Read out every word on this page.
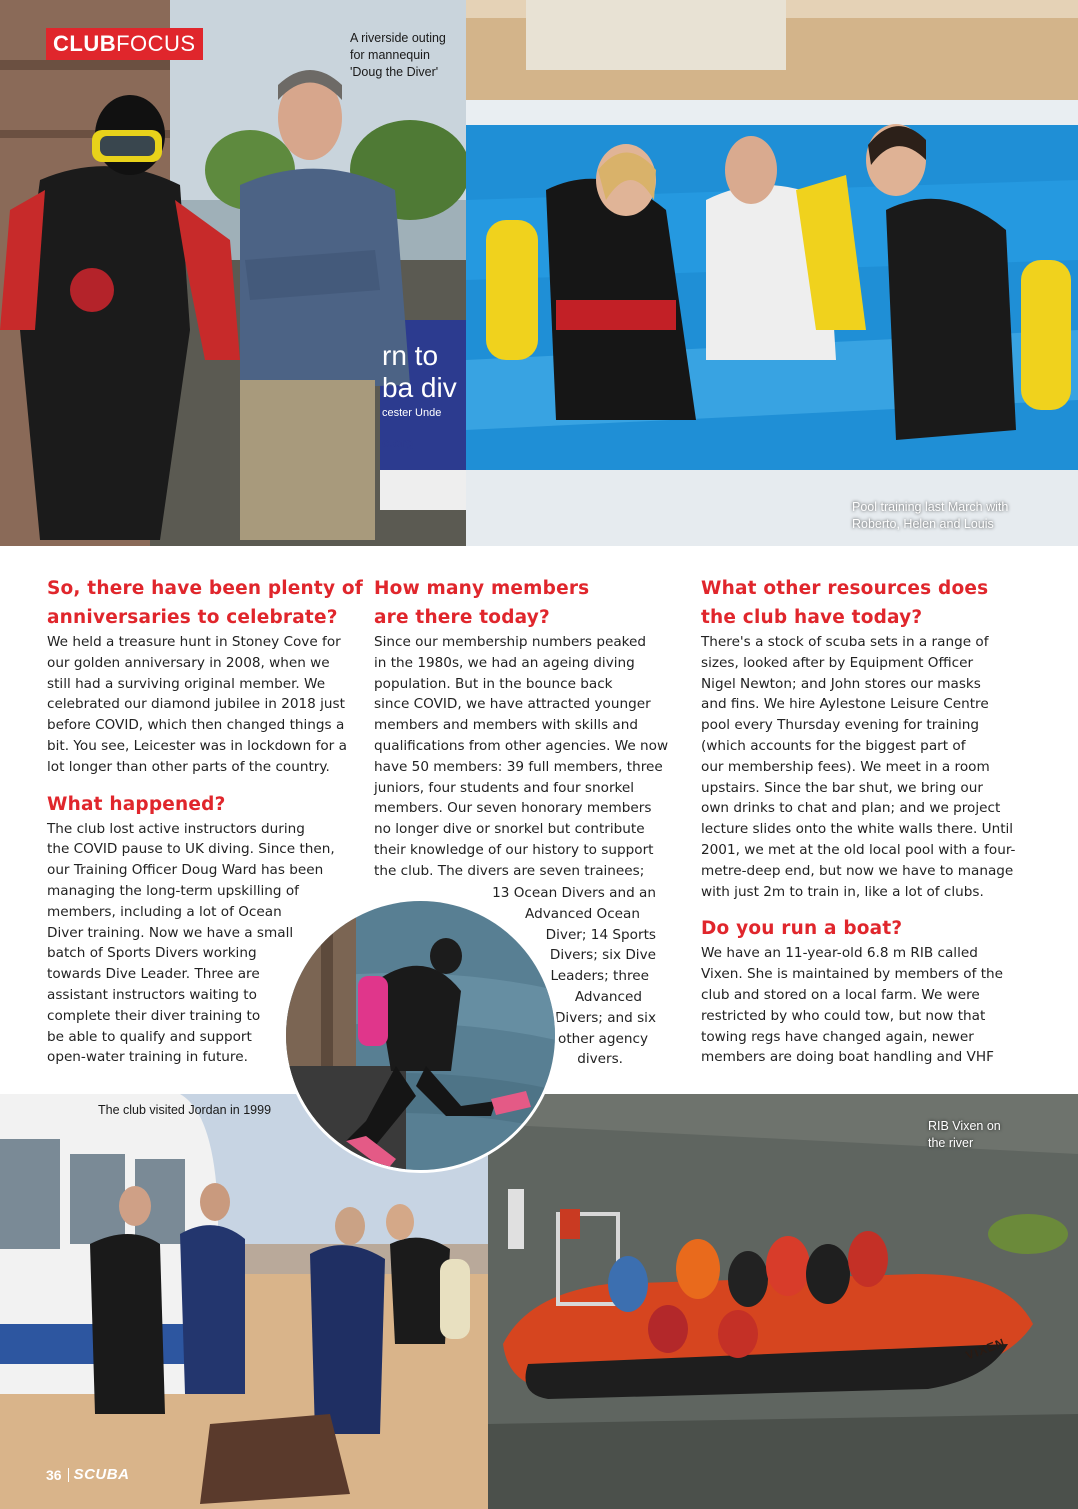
rn to
ba div
cester Unde
c.org
CLUB FOCUS	A riverside outing
for mannequin
'Doug the Diver'
Pool training last March with
Roberto, Helen and Louis
So, there have been plenty of
anniversaries to celebrate?

We held a treasure hunt in Stoney Cove for
our golden anniversary in 2008, when we
still had a surviving original member. We
celebrated our diamond jubilee in 2018 just
before COVID, which then changed things a
bit. You see, Leicester was in lockdown for a
lot longer than other parts of the country.

What happened?

The club lost active instructors during
the COVID pause to UK diving. Since then,
our Training Officer Doug Ward has been
managing the long-term upskilling of
members, including a lot of Ocean
Diver training. Now we have a small
batch of Sports Divers working
towards Dive Leader. Three are
assistant instructors waiting to
complete their diver training to
be able to qualify and support
open-water training in future.

How many members
are there today?

Since our membership numbers peaked
in the 1980s, we had an ageing diving
population. But in the bounce back
since COVID, we have attracted younger
members and members with skills and
qualifications from other agencies. We now
have 50 members: 39 full members, three
juniors, four students and four snorkel
members. Our seven honorary members
no longer dive or snorkel but contribute
their knowledge of our history to support
the club. The divers are seven trainees;

13 Ocean Divers and an
Advanced Ocean
Diver; 14 Sports
Divers; six Dive
Leaders; three
Advanced
Divers; and six
other agency
divers.
What other resources does
the club have today?

There's a stock of scuba sets in a range of
sizes, looked after by Equipment Officer
Nigel Newton; and John stores our masks
and fins. We hire Aylestone Leisure Centre
pool every Thursday evening for training
(which accounts for the biggest part of
our membership fees). We meet in a room
upstairs. Since the bar shut, we bring our
own drinks to chat and plan; and we project
lecture slides onto the white walls there. Until
2001, we met at the old local pool with a four-
metre-deep end, but now we have to manage
with just 2m to train in, like a lot of clubs.

Do you run a boat?

We have an 11-year-old 6.8 m RIB called
Vixen. She is maintained by members of the
club and stored on a local farm. We were
restricted by who could tow, but now that
towing regs have changed again, newer
members are doing boat handling and VHF

The club visited Jordan in 1999
VIXEN
RIB Vixen on
the river
36 SCUBA
